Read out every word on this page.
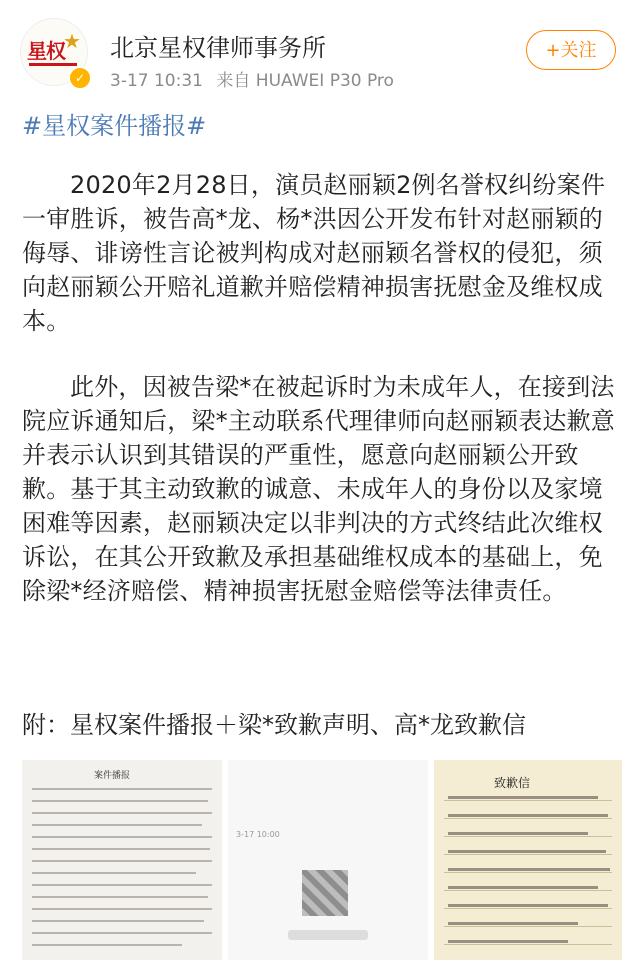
星权
★
✓
北京星权律师事务所
3-17 10:31 来自 HUAWEI P30 Pro
+关注
#星权案件播报#

2020年2月28日，演员赵丽颖2例名誉权纠纷案件一审胜诉，被告高*龙、杨*洪因公开发布针对赵丽颖的侮辱、诽谤性言论被判构成对赵丽颖名誉权的侵犯，须向赵丽颖公开赔礼道歉并赔偿精神损害抚慰金及维权成本。

此外，因被告梁*在被起诉时为未成年人，在接到法院应诉通知后，梁*主动联系代理律师向赵丽颖表达歉意并表示认识到其错误的严重性，愿意向赵丽颖公开致歉。基于其主动致歉的诚意、未成年人的身份以及家境困难等因素，赵丽颖决定以非判决的方式终结此次维权诉讼，在其公开致歉及承担基础维权成本的基础上，免除梁*经济赔偿、精神损害抚慰金赔偿等法律责任。

附：星权案件播报＋梁*致歉声明、高*龙致歉信
案件播报
3-17 10:00
致歉信
